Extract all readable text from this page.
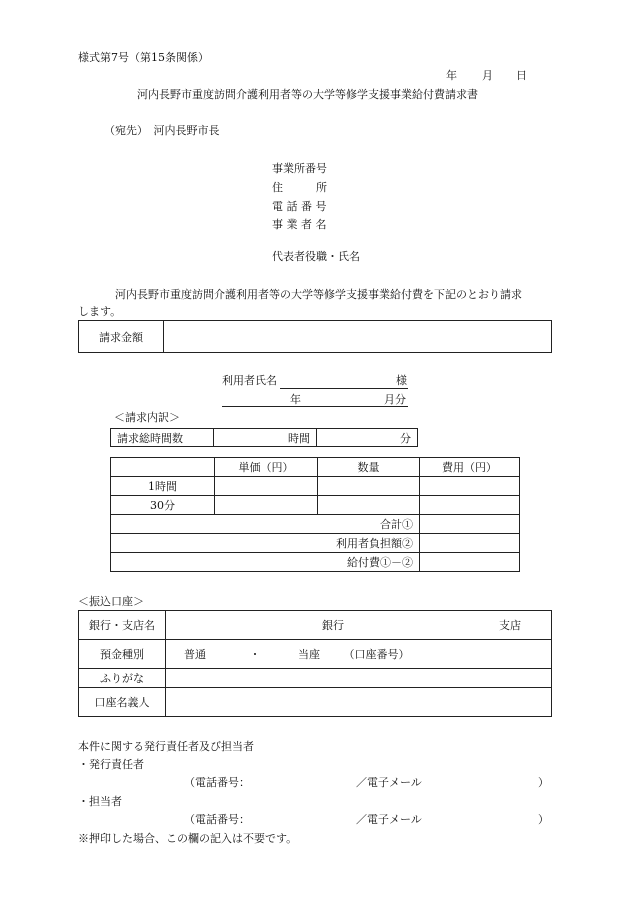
様式第7号（第15条関係）
年 月 日
河内長野市重度訪問介護利用者等の大学等修学支援事業給付費請求書
（宛先）　河内長野市長
事業所番号
住　　　所
電 話 番 号
事 業 者 名
代表者役職・氏名
河内長野市重度訪問介護利用者等の大学等修学支援事業給付費を下記のとおり請求
します。
請求金額	
利用者氏名	様
年	月分
＜請求内訳＞
請求総時間数	時間	分
	単価（円）	数量	費用（円）
1時間			
30分			
合計①			
利用者負担額②			
給付費①－②			
＜振込口座＞
銀行・支店名	銀行 支店

預金種別	普通 ・ 当座 （口座番号）
ふりがな	
口座名義人	
本件に関する発行責任者及び担当者
・発行責任者
（電話番号：	／電子メール	）
・担当者
（電話番号：	／電子メール	）
※押印した場合、この欄の記入は不要です。
